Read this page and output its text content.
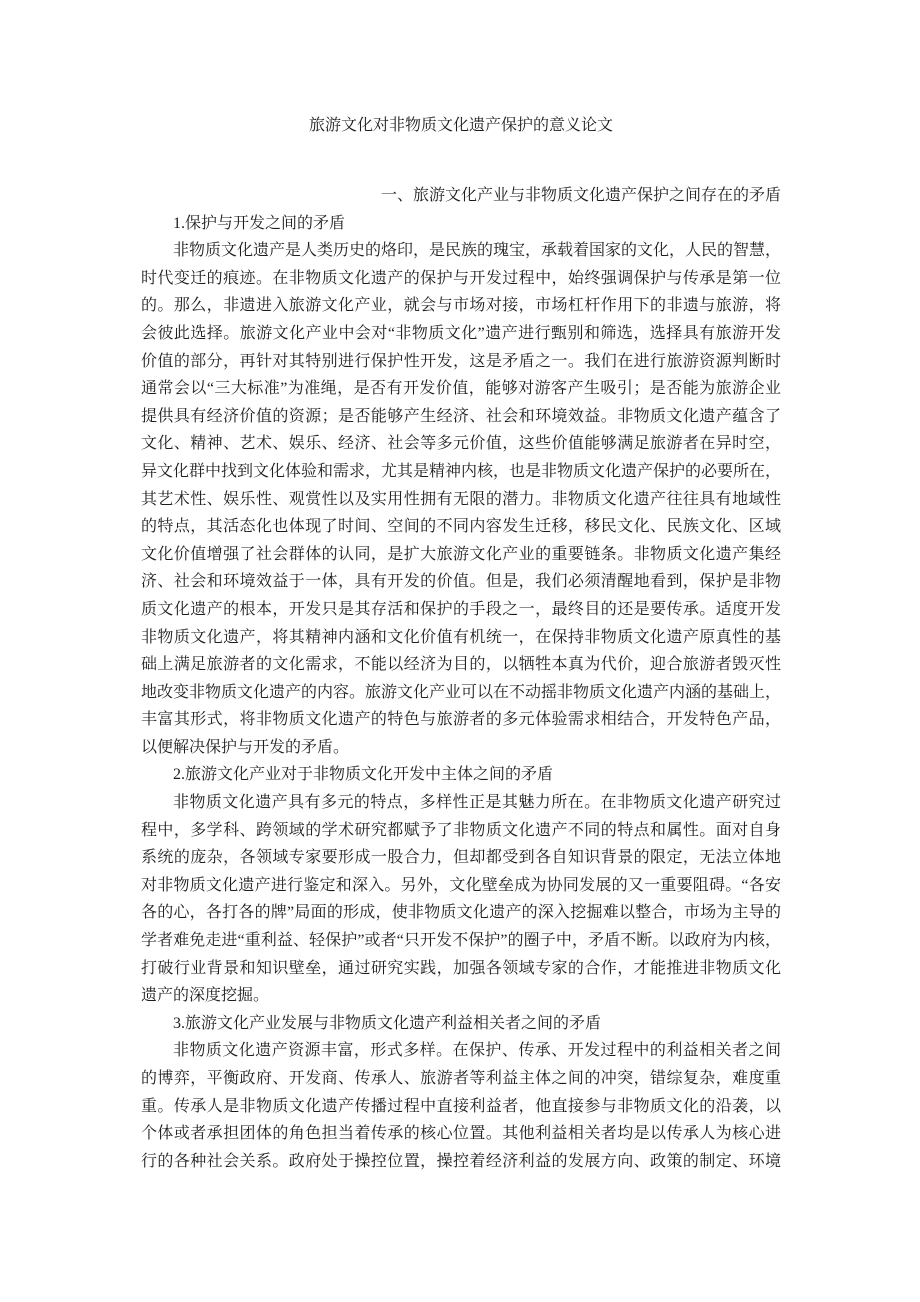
旅游文化对非物质文化遗产保护的意义论文
一、旅游文化产业与非物质文化遗产保护之间存在的矛盾
1.保护与开发之间的矛盾
非物质文化遗产是人类历史的烙印，是民族的瑰宝，承载着国家的文化，人民的智慧，
时代变迁的痕迹。在非物质文化遗产的保护与开发过程中，始终强调保护与传承是第一位
的。那么，非遗进入旅游文化产业，就会与市场对接，市场杠杆作用下的非遗与旅游，将
会彼此选择。旅游文化产业中会对“非物质文化”遗产进行甄别和筛选，选择具有旅游开发
价值的部分，再针对其特别进行保护性开发，这是矛盾之一。我们在进行旅游资源判断时
通常会以“三大标准”为准绳，是否有开发价值，能够对游客产生吸引；是否能为旅游企业
提供具有经济价值的资源；是否能够产生经济、社会和环境效益。非物质文化遗产蕴含了
文化、精神、艺术、娱乐、经济、社会等多元价值，这些价值能够满足旅游者在异时空，
异文化群中找到文化体验和需求，尤其是精神内核，也是非物质文化遗产保护的必要所在，
其艺术性、娱乐性、观赏性以及实用性拥有无限的潜力。非物质文化遗产往往具有地域性
的特点，其活态化也体现了时间、空间的不同内容发生迁移，移民文化、民族文化、区域
文化价值增强了社会群体的认同，是扩大旅游文化产业的重要链条。非物质文化遗产集经
济、社会和环境效益于一体，具有开发的价值。但是，我们必须清醒地看到，保护是非物
质文化遗产的根本，开发只是其存活和保护的手段之一，最终目的还是要传承。适度开发
非物质文化遗产，将其精神内涵和文化价值有机统一，在保持非物质文化遗产原真性的基
础上满足旅游者的文化需求，不能以经济为目的，以牺牲本真为代价，迎合旅游者毁灭性
地改变非物质文化遗产的内容。旅游文化产业可以在不动摇非物质文化遗产内涵的基础上，
丰富其形式，将非物质文化遗产的特色与旅游者的多元体验需求相结合，开发特色产品，
以便解决保护与开发的矛盾。
2.旅游文化产业对于非物质文化开发中主体之间的矛盾
非物质文化遗产具有多元的特点，多样性正是其魅力所在。在非物质文化遗产研究过
程中，多学科、跨领域的学术研究都赋予了非物质文化遗产不同的特点和属性。面对自身
系统的庞杂，各领域专家要形成一股合力，但却都受到各自知识背景的限定，无法立体地
对非物质文化遗产进行鉴定和深入。另外，文化壁垒成为协同发展的又一重要阻碍。“各安
各的心，各打各的牌”局面的形成，使非物质文化遗产的深入挖掘难以整合，市场为主导的
学者难免走进“重利益、轻保护”或者“只开发不保护”的圈子中，矛盾不断。以政府为内核，
打破行业背景和知识壁垒，通过研究实践，加强各领域专家的合作，才能推进非物质文化
遗产的深度挖掘。
3.旅游文化产业发展与非物质文化遗产利益相关者之间的矛盾
非物质文化遗产资源丰富，形式多样。在保护、传承、开发过程中的利益相关者之间
的博弈，平衡政府、开发商、传承人、旅游者等利益主体之间的冲突，错综复杂，难度重
重。传承人是非物质文化遗产传播过程中直接利益者，他直接参与非物质文化的沿袭，以
个体或者承担团体的角色担当着传承的核心位置。其他利益相关者均是以传承人为核心进
行的各种社会关系。政府处于操控位置，操控着经济利益的发展方向、政策的制定、环境
